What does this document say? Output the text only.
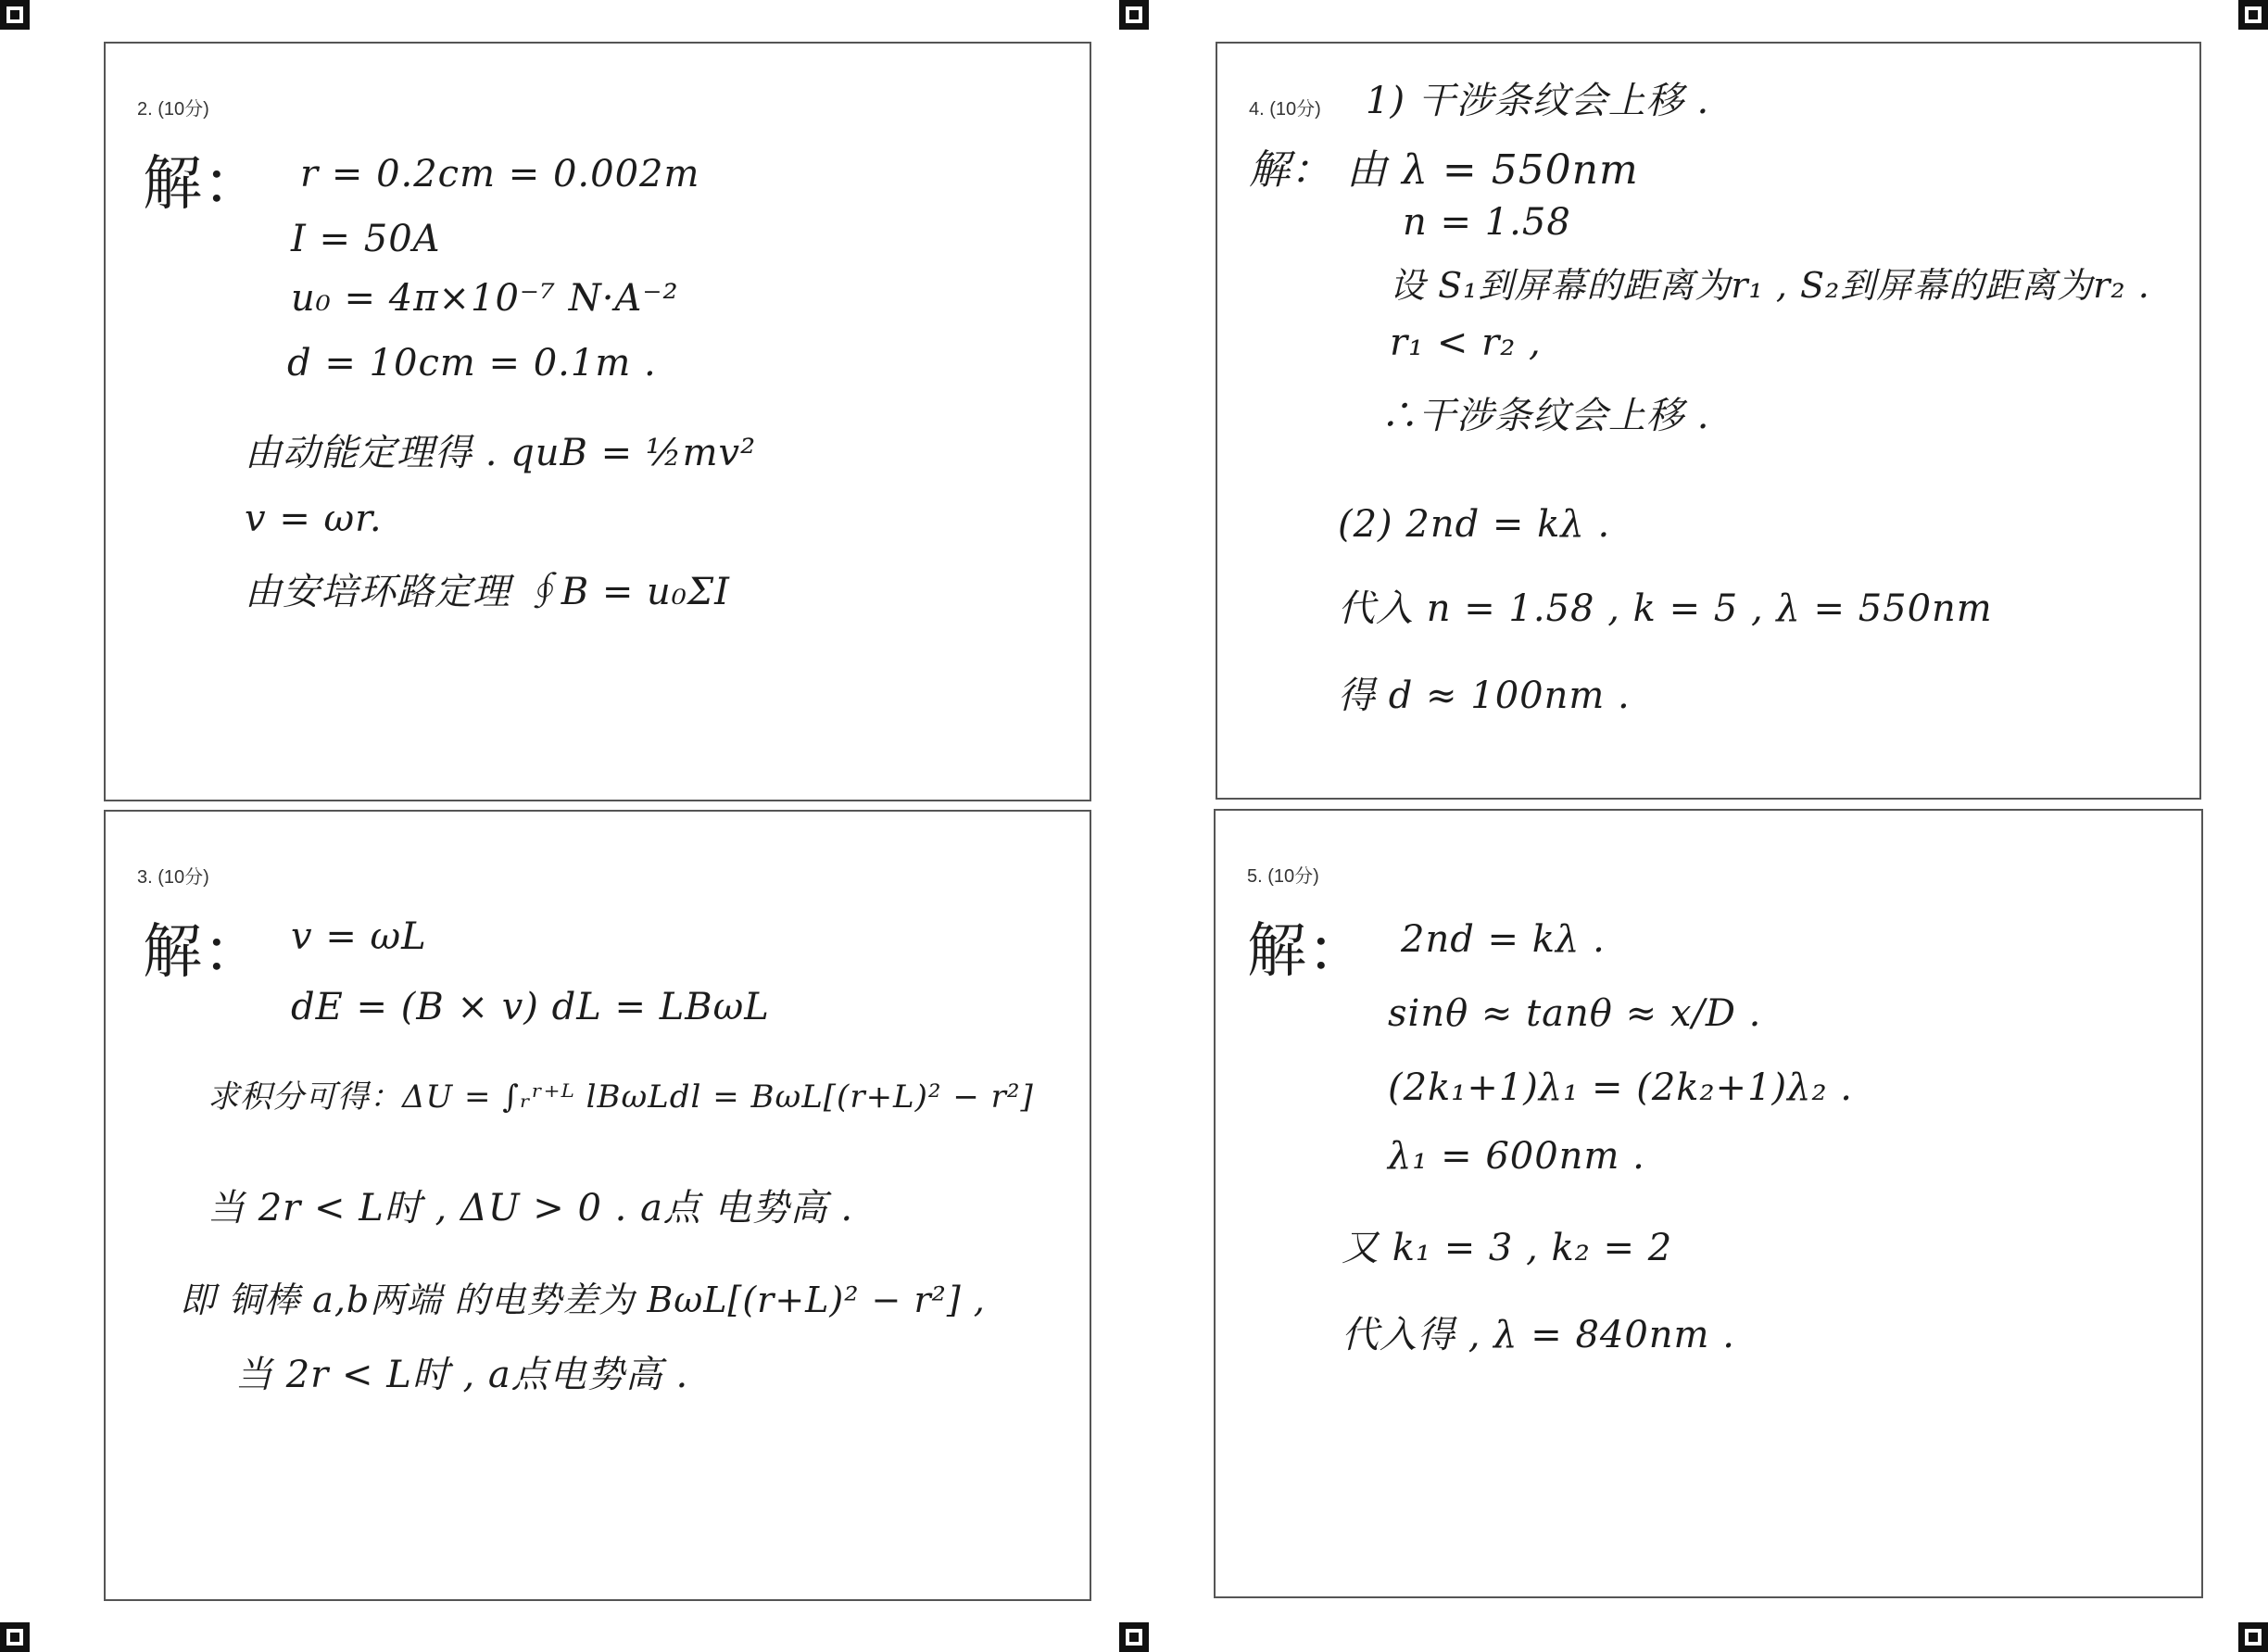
2. (10分)

解： r = 0.2cm = 0.002m

I = 50A

u₀ = 4π×10⁻⁷ N·A⁻²

d = 10cm = 0.1m .

由动能定理得 . quB = ½mv²

v = ωr.

由安培环路定理 ∮B = u₀ΣI

3. (10分)

解： v = ωL

dE = (B × v) dL = LBωL

求积分可得：ΔU = ∫ᵣʳ⁺ᴸ lBωLdl = BωL[(r+L)² − r²]

当 2r < L时 , ΔU > 0 . a点 电势高 .

即 铜棒 a,b两端 的电势差为 BωL[(r+L)² − r²] ,

当 2r < L时 , a点电势高 .

4. (10分) 1) 干涉条纹会上移 .

解： 由 λ = 550nm

n = 1.58

设 S₁到屏幕的距离为r₁ , S₂到屏幕的距离为r₂ .

r₁ < r₂ ,

∴干涉条纹会上移 .

(2) 2nd = kλ .

代入 n = 1.58 , k = 5 , λ = 550nm

得 d ≈ 100nm .

5. (10分)

解： 2nd = kλ .

sinθ ≈ tanθ ≈ x/D .

(2k₁+1)λ₁ = (2k₂+1)λ₂ .

λ₁ = 600nm .

又 k₁ = 3 , k₂ = 2

代入得 , λ = 840nm .
